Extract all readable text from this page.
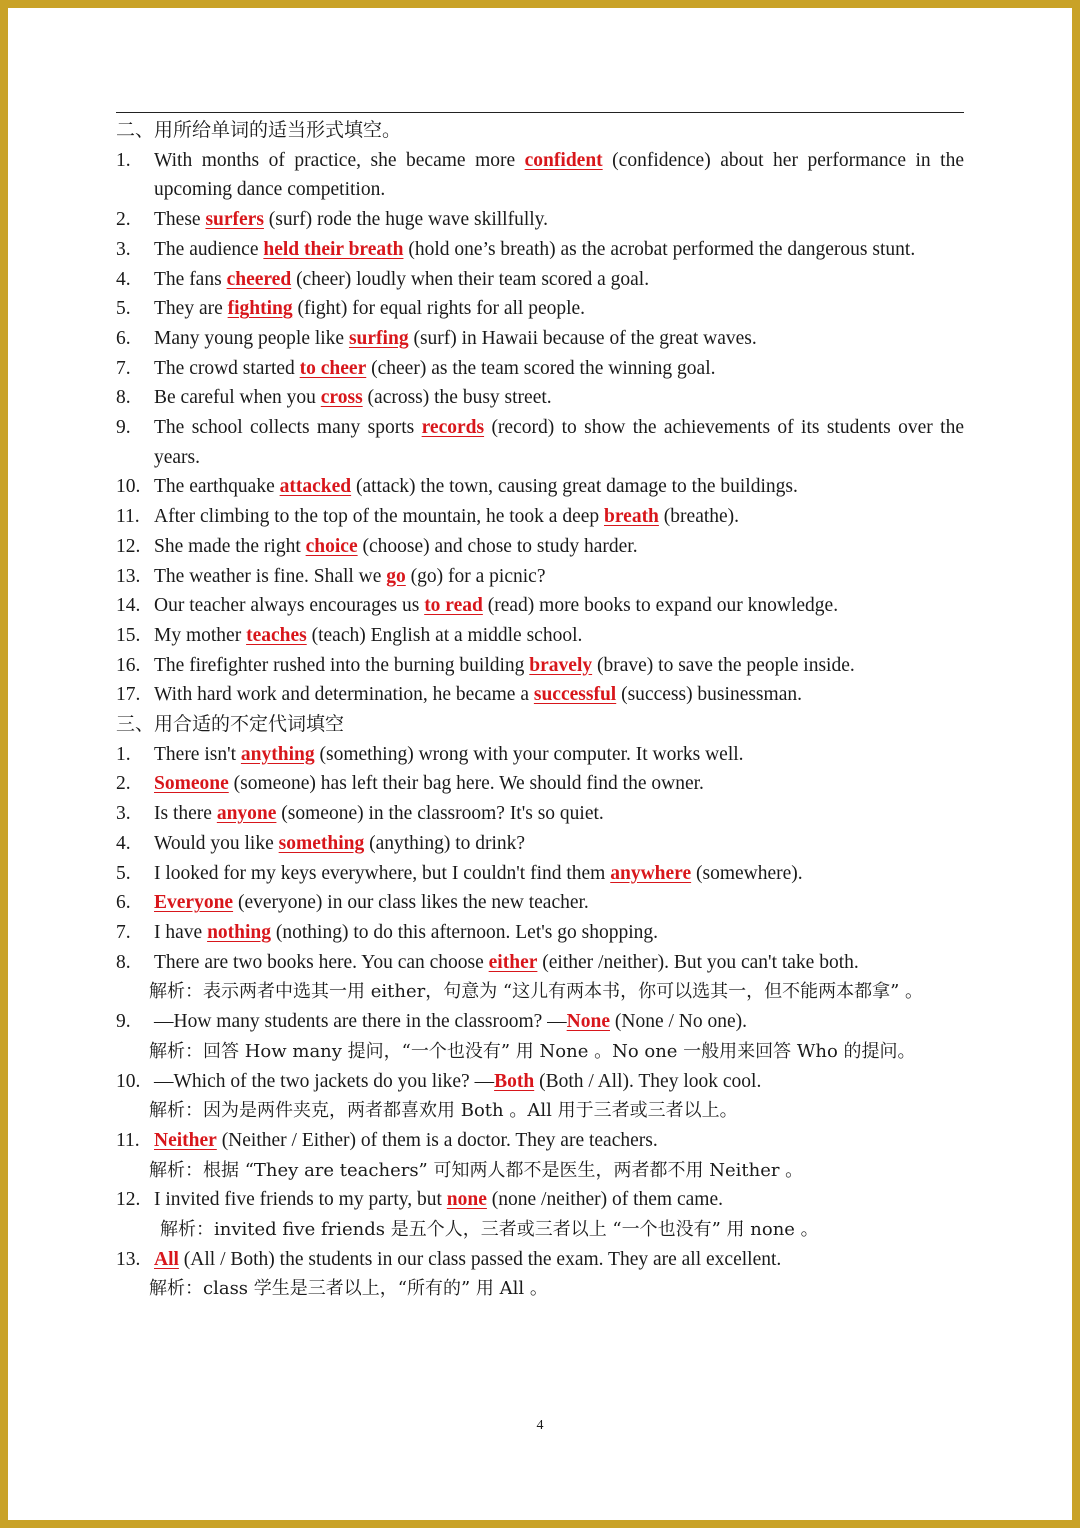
二、用所给单词的适当形式填空。
1. With months of practice, she became more confident (confidence) about her performance in the upcoming dance competition.
2. These surfers (surf) rode the huge wave skillfully.
3. The audience held their breath (hold one’s breath) as the acrobat performed the dangerous stunt.
4. The fans cheered (cheer) loudly when their team scored a goal.
5. They are fighting (fight) for equal rights for all people.
6. Many young people like surfing (surf) in Hawaii because of the great waves.
7. The crowd started to cheer (cheer) as the team scored the winning goal.
8. Be careful when you cross (across) the busy street.
9. The school collects many sports records (record) to show the achievements of its students over the years.
10. The earthquake attacked (attack) the town, causing great damage to the buildings.
11. After climbing to the top of the mountain, he took a deep breath (breathe).
12. She made the right choice (choose) and chose to study harder.
13. The weather is fine. Shall we go (go) for a picnic?
14. Our teacher always encourages us to read (read) more books to expand our knowledge.
15. My mother teaches (teach) English at a middle school.
16. The firefighter rushed into the burning building bravely (brave) to save the people inside.
17. With hard work and determination, he became a successful (success) businessman.
三、用合适的不定代词填空
1. There isn't anything (something) wrong with your computer. It works well.
2. Someone (someone) has left their bag here. We should find the owner.
3. Is there anyone (someone) in the classroom? It's so quiet.
4. Would you like something (anything) to drink?
5. I looked for my keys everywhere, but I couldn't find them anywhere (somewhere).
6. Everyone (everyone) in our class likes the new teacher.
7. I have nothing (nothing) to do this afternoon. Let's go shopping.
8. There are two books here. You can choose either (either /neither). But you can't take both.
解析：表示两者中选其一用 either，句意为 “这儿有两本书，你可以选其一，但不能两本都拿” 。
9. —How many students are there in the classroom? —None (None / No one).
解析：回答 How many 提问，“一个也没有” 用 None 。No one 一般用来回答 Who 的提问。
10. —Which of the two jackets do you like? —Both (Both / All). They look cool.
解析：因为是两件夹克，两者都喜欢用 Both 。All 用于三者或三者以上。
11. Neither (Neither / Either) of them is a doctor. They are teachers.
解析：根据 “They are teachers” 可知两人都不是医生，两者都不用 Neither 。
12. I invited five friends to my party, but none (none /neither) of them came.
解析：invited five friends 是五个人，三者或三者以上 “一个也没有” 用 none 。
13. All (All / Both) the students in our class passed the exam. They are all excellent.
解析：class 学生是三者以上，“所有的” 用 All 。
4
